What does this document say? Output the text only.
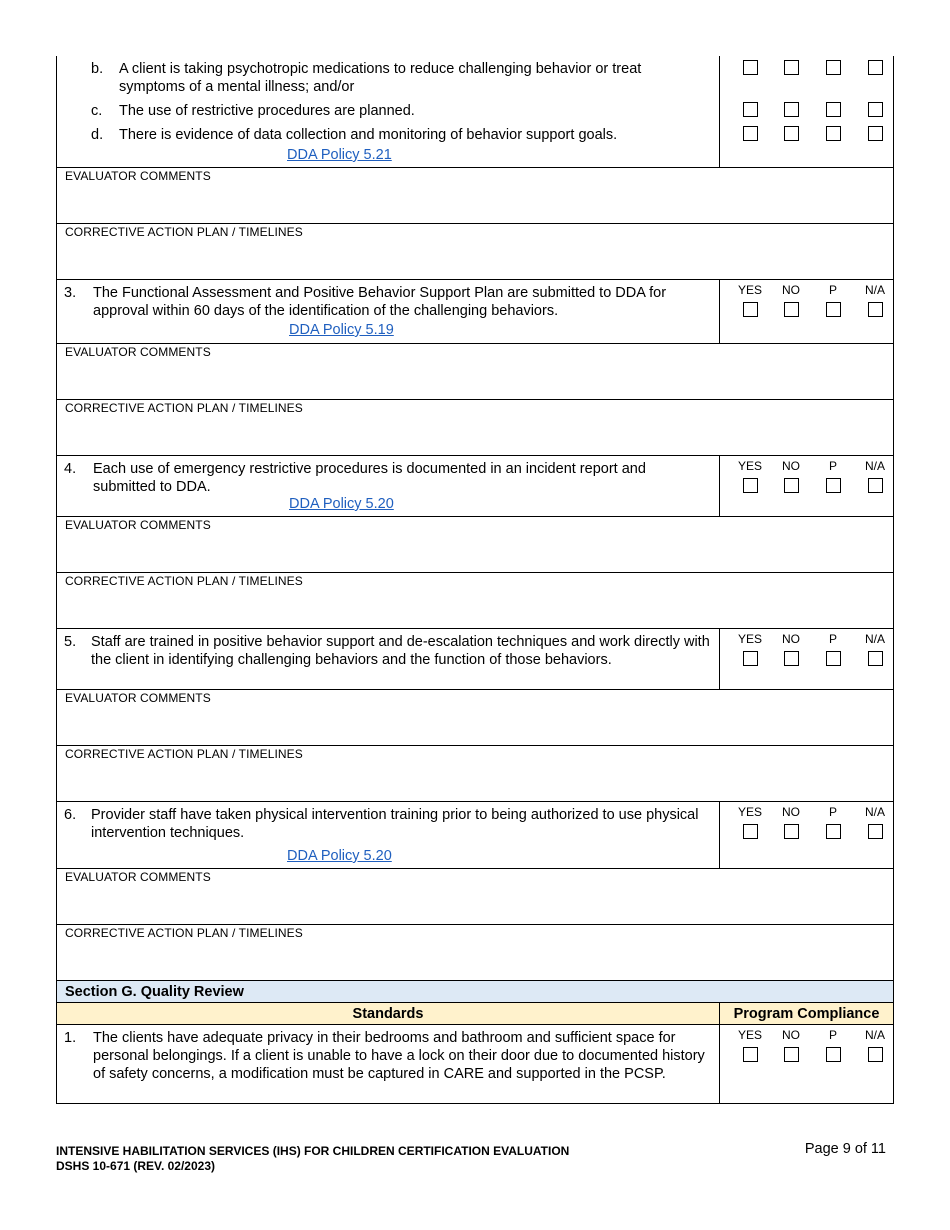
b. A client is taking psychotropic medications to reduce challenging behavior or treat symptoms of a mental illness; and/or
c. The use of restrictive procedures are planned.
d. There is evidence of data collection and monitoring of behavior support goals.
DDA Policy 5.21
EVALUATOR COMMENTS
CORRECTIVE ACTION PLAN / TIMELINES
3. The Functional Assessment and Positive Behavior Support Plan are submitted to DDA for approval within 60 days of the identification of the challenging behaviors.
DDA Policy 5.19
YES	NO	P	N/A
EVALUATOR COMMENTS
CORRECTIVE ACTION PLAN / TIMELINES
4. Each use of emergency restrictive procedures is documented in an incident report and submitted to DDA.
DDA Policy 5.20
YES	NO	P	N/A
EVALUATOR COMMENTS
CORRECTIVE ACTION PLAN / TIMELINES
5. Staff are trained in positive behavior support and de-escalation techniques and work directly with the client in identifying challenging behaviors and the function of those behaviors.
YES	NO	P	N/A
EVALUATOR COMMENTS
CORRECTIVE ACTION PLAN / TIMELINES
6. Provider staff have taken physical intervention training prior to being authorized to use physical intervention techniques.
DDA Policy 5.20
YES	NO	P	N/A
EVALUATOR COMMENTS
CORRECTIVE ACTION PLAN / TIMELINES
Section G. Quality Review
Standards	Program Compliance
1. The clients have adequate privacy in their bedrooms and bathroom and sufficient space for personal belongings. If a client is unable to have a lock on their door due to documented history of safety concerns, a modification must be captured in CARE and supported in the PCSP.
YES	NO	P	N/A
INTENSIVE HABILITATION SERVICES (IHS) FOR CHILDREN CERTIFICATION EVALUATION
DSHS 10-671 (REV. 02/2023)
Page 9 of 11
